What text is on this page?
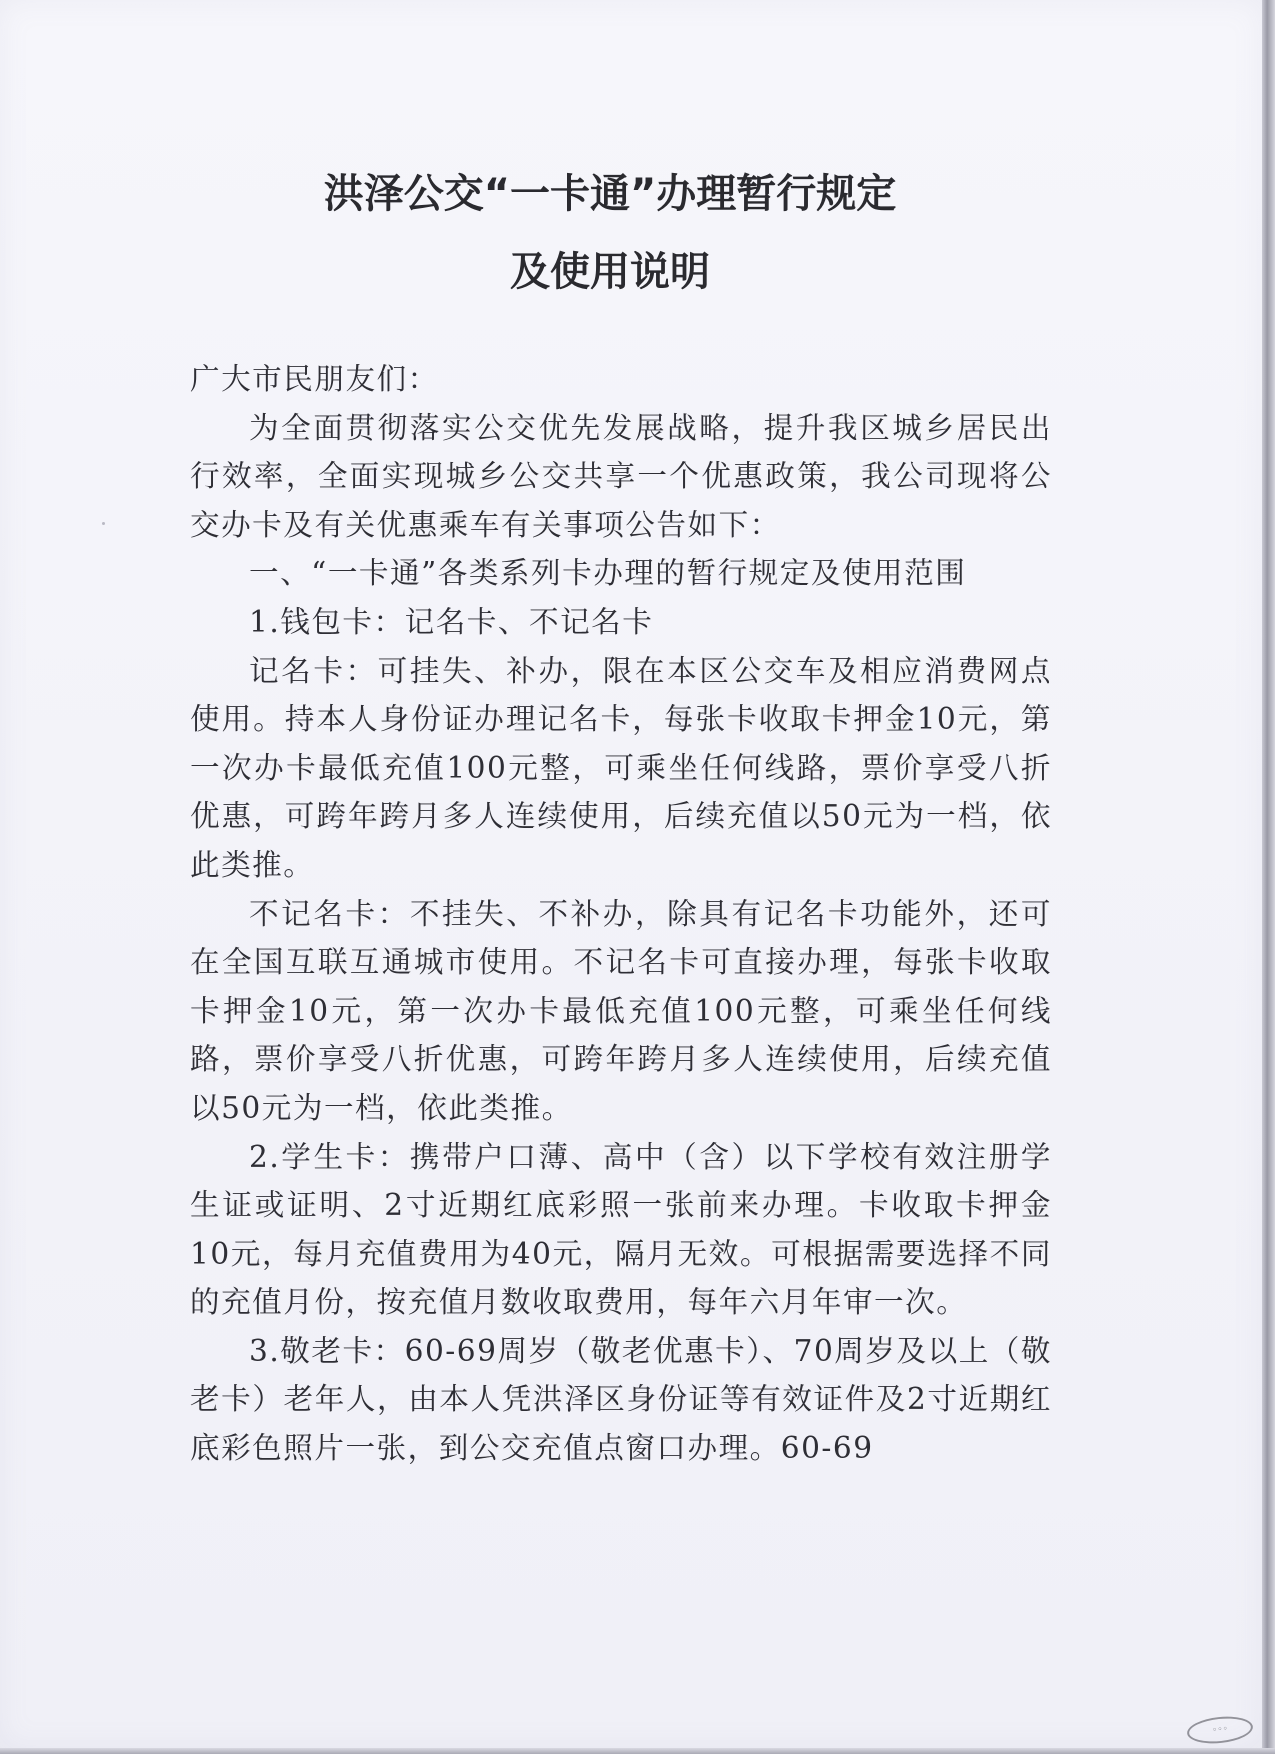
洪泽公交“一卡通”办理暂行规定
及使用说明

广大市民朋友们：

为全面贯彻落实公交优先发展战略，提升我区城乡居民出行效率，全面实现城乡公交共享一个优惠政策，我公司现将公交办卡及有关优惠乘车有关事项公告如下：

一、“一卡通”各类系列卡办理的暂行规定及使用范围

1.钱包卡：记名卡、不记名卡

记名卡：可挂失、补办，限在本区公交车及相应消费网点使用。持本人身份证办理记名卡，每张卡收取卡押金10元，第一次办卡最低充值100元整，可乘坐任何线路，票价享受八折优惠，可跨年跨月多人连续使用，后续充值以50元为一档，依此类推。

不记名卡：不挂失、不补办，除具有记名卡功能外，还可在全国互联互通城市使用。不记名卡可直接办理，每张卡收取卡押金10元，第一次办卡最低充值100元整，可乘坐任何线路，票价享受八折优惠，可跨年跨月多人连续使用，后续充值以50元为一档，依此类推。

2.学生卡：携带户口薄、高中（含）以下学校有效注册学生证或证明、2寸近期红底彩照一张前来办理。卡收取卡押金10元，每月充值费用为40元，隔月无效。可根据需要选择不同的充值月份，按充值月数收取费用，每年六月年审一次。

3.敬老卡：60-69周岁（敬老优惠卡）、70周岁及以上（敬老卡）老年人，由本人凭洪泽区身份证等有效证件及2寸近期红底彩色照片一张，到公交充值点窗口办理。60-69

◦◦◦
